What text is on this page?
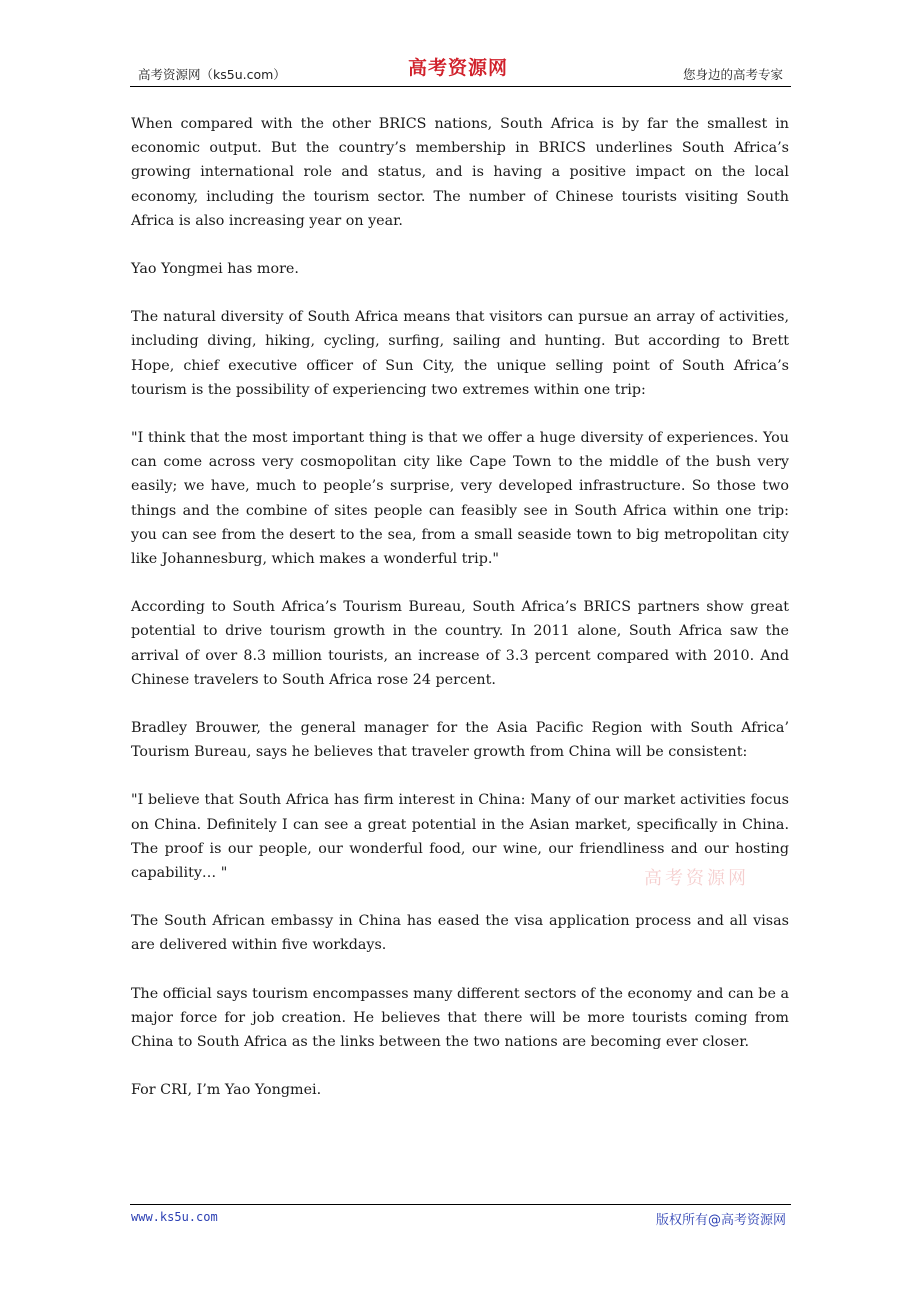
高考资源网（ks5u.com）	高考资源网	您身边的高考专家

When compared with the other BRICS nations, South Africa is by far the smallest in economic output. But the country’s membership in BRICS underlines South Africa’s growing international role and status, and is having a positive impact on the local economy, including the tourism sector. The number of Chinese tourists visiting South Africa is also increasing year on year.

Yao Yongmei has more.

The natural diversity of South Africa means that visitors can pursue an array of activities, including diving, hiking, cycling, surfing, sailing and hunting. But according to Brett Hope, chief executive officer of Sun City, the unique selling point of South Africa’s tourism is the possibility of experiencing two extremes within one trip:

"I think that the most important thing is that we offer a huge diversity of experiences. You can come across very cosmopolitan city like Cape Town to the middle of the bush very easily; we have, much to people’s surprise, very developed infrastructure. So those two things and the combine of sites people can feasibly see in South Africa within one trip: you can see from the desert to the sea, from a small seaside town to big metropolitan city like Johannesburg, which makes a wonderful trip."

According to South Africa’s Tourism Bureau, South Africa’s BRICS partners show great potential to drive tourism growth in the country. In 2011 alone, South Africa saw the arrival of over 8.3 million tourists, an increase of 3.3 percent compared with 2010. And Chinese travelers to South Africa rose 24 percent.

Bradley Brouwer, the general manager for the Asia Pacific Region with South Africa’ Tourism Bureau, says he believes that traveler growth from China will be consistent:

"I believe that South Africa has firm interest in China: Many of our market activities focus on China. Definitely I can see a great potential in the Asian market, specifically in China. The proof is our people, our wonderful food, our wine, our friendliness and our hosting capability… "

The South African embassy in China has eased the visa application process and all visas are delivered within five workdays.

The official says tourism encompasses many different sectors of the economy and can be a major force for job creation. He believes that there will be more tourists coming from China to South Africa as the links between the two nations are becoming ever closer.

For CRI, I’m Yao Yongmei.

高考资源网
www.ks5u.com	版权所有@高考资源网
